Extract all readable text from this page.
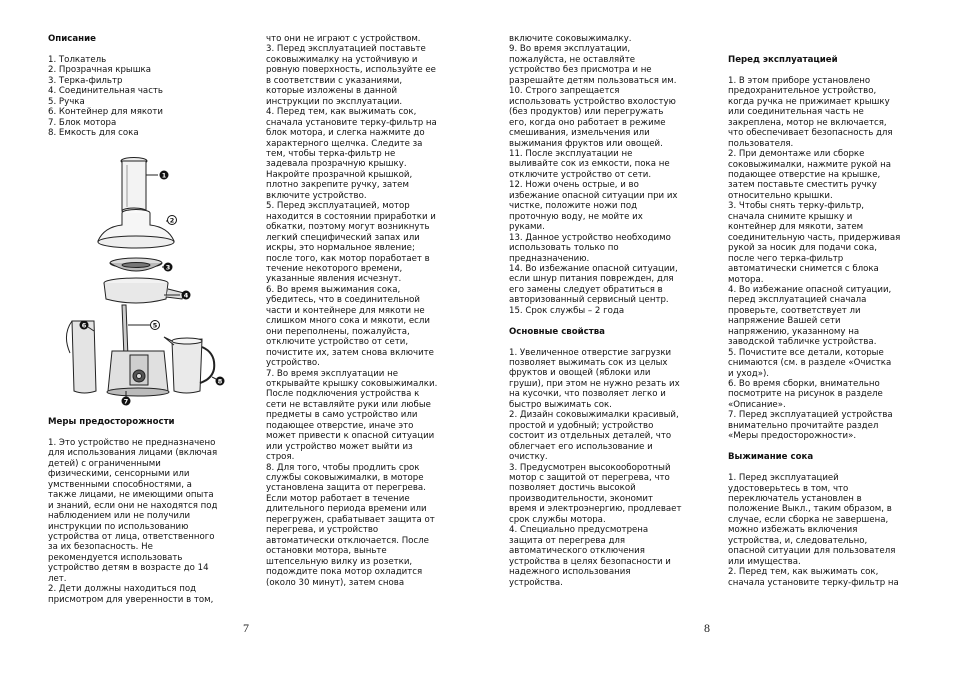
Описание

1. Толкатель

2. Прозрачная крышка

3. Терка-фильтр

4. Соединительная часть

5. Ручка

6. Контейнер для мякоти

7. Блок мотора

8. Емкость для сока

1
2
3
4
5
6
7
8

Меры предосторожности

1. Это устройство не предназначено

для использования лицами (включая

детей) с ограниченными

физическими, сенсорными или

умственными способностями, а

также лицами, не имеющими опыта

и знаний, если они не находятся под

наблюдением или не получили

инструкции по использованию

устройства от лица, ответственного

за их безопасность. Не

рекомендуется использовать

устройство детям в возрасте до 14

лет.

2. Дети должны находиться под

присмотром для уверенности в том,

что они не играют с устройством.

3. Перед эксплуатацией поставьте

соковыжималку на устойчивую и

ровную поверхность, используйте ее

в соответствии с указаниями,

которые изложены в данной

инструкции по эксплуатации.

4. Перед тем, как выжимать сок,

сначала установите терку-фильтр на

блок мотора, и слегка нажмите до

характерного щелчка. Следите за

тем, чтобы терка-фильтр не

задевала прозрачную крышку.

Накройте прозрачной крышкой,

плотно закрепите ручку, затем

включите устройство.

5. Перед эксплуатацией, мотор

находится в состоянии приработки и

обкатки, поэтому могут возникнуть

легкий специфический запах или

искры, это нормальное явление;

после того, как мотор поработает в

течение некоторого времени,

указанные явления исчезнут.

6. Во время выжимания сока,

убедитесь, что в соединительной

части и контейнере для мякоти не

слишком много сока и мякоти, если

они переполнены, пожалуйста,

отключите устройство от сети,

почистите их, затем снова включите

устройство.

7. Во время эксплуатации не

открывайте крышку соковыжималки.

После подключения устройства к

сети не вставляйте руки или любые

предметы в само устройство или

подающее отверстие, иначе это

может привести к опасной ситуации

или устройство может выйти из

строя.

8. Для того, чтобы продлить срок

службы соковыжималки, в моторе

установлена защита от перегрева.

Если мотор работает в течение

длительного периода времени или

перегружен, срабатывает защита от

перегрева, и устройство

автоматически отключается. После

остановки мотора, выньте

штепсельную вилку из розетки,

подождите пока мотор охладится

(около 30 минут), затем снова

включите соковыжималку.

9. Во время эксплуатации,

пожалуйста, не оставляйте

устройство без присмотра и не

разрешайте детям пользоваться им.

10. Строго запрещается

использовать устройство вхолостую

(без продуктов) или перегружать

его, когда оно работает в режиме

смешивания, измельчения или

выжимания фруктов или овощей.

11. После эксплуатации не

выливайте сок из емкости, пока не

отключите устройство от сети.

12. Ножи очень острые, и во

избежание опасной ситуации при их

чистке, положите ножи под

проточную воду, не мойте их

руками.

13. Данное устройство необходимо

использовать только по

предназначению.

14. Во избежание опасной ситуации,

если шнур питания поврежден, для

его замены следует обратиться в

авторизованный сервисный центр.

15. Срок службы – 2 года

Основные свойства

1. Увеличенное отверстие загрузки

позволяет выжимать сок из целых

фруктов и овощей (яблоки или

груши), при этом не нужно резать их

на кусочки, что позволяет легко и

быстро выжимать сок.

2. Дизайн соковыжималки красивый,

простой и удобный; устройство

состоит из отдельных деталей, что

облегчает его использование и

очистку.

3. Предусмотрен высокооборотный

мотор с защитой от перегрева, что

позволяет достичь высокой

производительности, экономит

время и электроэнергию, продлевает

срок службы мотора.

4. Специально предусмотрена

защита от перегрева для

автоматического отключения

устройства в целях безопасности и

надежного использования

устройства.

Перед эксплуатацией

1. В этом приборе установлено

предохранительное устройство,

когда ручка не прижимает крышку

или соединительная часть не

закреплена, мотор не включается,

что обеспечивает безопасность для

пользователя.

2. При демонтаже или сборке

соковыжималки, нажмите рукой на

подающее отверстие на крышке,

затем поставьте сместить ручку

относительно крышки.

3. Чтобы снять терку-фильтр,

сначала снимите крышку и

контейнер для мякоти, затем

соединительную часть, придерживая

рукой за носик для подачи сока,

после чего терка-фильтр

автоматически снимется с блока

мотора.

4. Во избежание опасной ситуации,

перед эксплуатацией сначала

проверьте, соответствует ли

напряжение Вашей сети

напряжению, указанному на

заводской табличке устройства.

5. Почистите все детали, которые

снимаются (см. в разделе «Очистка

и уход»).

6. Во время сборки, внимательно

посмотрите на рисунок в разделе

«Описание».

7. Перед эксплуатацией устройства

внимательно прочитайте раздел

«Меры предосторожности».

Выжимание сока

1. Перед эксплуатацией

удостоверьтесь в том, что

переключатель установлен в

положение Выкл., таким образом, в

случае, если сборка не завершена,

можно избежать включения

устройства, и, следовательно,

опасной ситуации для пользователя

или имущества.

2. Перед тем, как выжимать сок,

сначала установите терку-фильтр на

7	8
